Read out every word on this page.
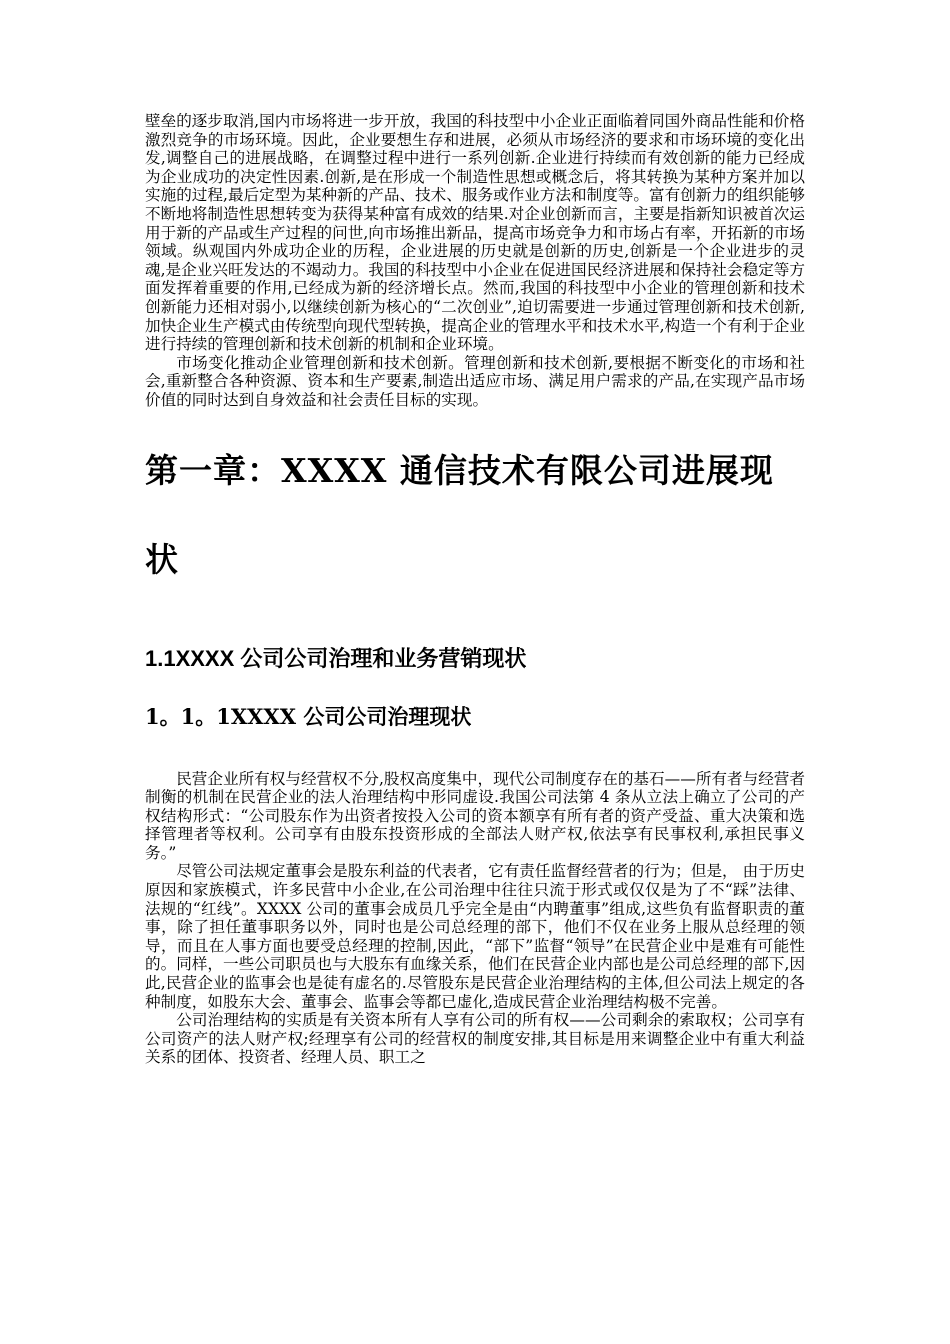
壁垒的逐步取消,国内市场将进一步开放，我国的科技型中小企业正面临着同国外商品性能和价格激烈竞争的市场环境。因此，企业要想生存和进展，必须从市场经济的要求和市场环境的变化出发,调整自己的进展战略，在调整过程中进行一系列创新.企业进行持续而有效创新的能力已经成为企业成功的决定性因素.创新,是在形成一个制造性思想或概念后，将其转换为某种方案并加以实施的过程,最后定型为某种新的产品、技术、服务或作业方法和制度等。富有创新力的组织能够不断地将制造性思想转变为获得某种富有成效的结果.对企业创新而言，主要是指新知识被首次运用于新的产品或生产过程的问世,向市场推出新品，提高市场竞争力和市场占有率，开拓新的市场领域。纵观国内外成功企业的历程，企业进展的历史就是创新的历史,创新是一个企业进步的灵魂,是企业兴旺发达的不竭动力。我国的科技型中小企业在促进国民经济进展和保持社会稳定等方面发挥着重要的作用,已经成为新的经济增长点。然而,我国的科技型中小企业的管理创新和技术创新能力还相对弱小,以继续创新为核心的“二次创业”,迫切需要进一步通过管理创新和技术创新,加快企业生产模式由传统型向现代型转换，提高企业的管理水平和技术水平,构造一个有利于企业进行持续的管理创新和技术创新的机制和企业环境。

市场变化推动企业管理创新和技术创新。管理创新和技术创新,要根据不断变化的市场和社会,重新整合各种资源、资本和生产要素,制造出适应市场、满足用户需求的产品,在实现产品市场价值的同时达到自身效益和社会责任目标的实现。

第一章：XXXX 通信技术有限公司进展现状
1.1XXXX 公司公司治理和业务营销现状
1。1。1XXXX 公司公司治理现状

民营企业所有权与经营权不分,股权高度集中，现代公司制度存在的基石——所有者与经营者制衡的机制在民营企业的法人治理结构中形同虚设.我国公司法第 4 条从立法上确立了公司的产权结构形式：“公司股东作为出资者按投入公司的资本额享有所有者的资产受益、重大决策和选择管理者等权利。公司享有由股东投资形成的全部法人财产权,依法享有民事权利,承担民事义务。”

尽管公司法规定董事会是股东利益的代表者，它有责任监督经营者的行为；但是， 由于历史原因和家族模式，许多民营中小企业,在公司治理中往往只流于形式或仅仅是为了不“踩”法律、法规的“红线”。XXXX 公司的董事会成员几乎完全是由“内聘董事”组成,这些负有监督职责的董事，除了担任董事职务以外，同时也是公司总经理的部下，他们不仅在业务上服从总经理的领导，而且在人事方面也要受总经理的控制,因此，“部下”监督“领导”在民营企业中是难有可能性的。同样，一些公司职员也与大股东有血缘关系，他们在民营企业内部也是公司总经理的部下,因此,民营企业的监事会也是徒有虚名的.尽管股东是民营企业治理结构的主体,但公司法上规定的各种制度，如股东大会、董事会、监事会等都已虚化,造成民营企业治理结构极不完善。

公司治理结构的实质是有关资本所有人享有公司的所有权——公司剩余的索取权；公司享有公司资产的法人财产权;经理享有公司的经营权的制度安排,其目标是用来调整企业中有重大利益关系的团体、投资者、经理人员、职工之
